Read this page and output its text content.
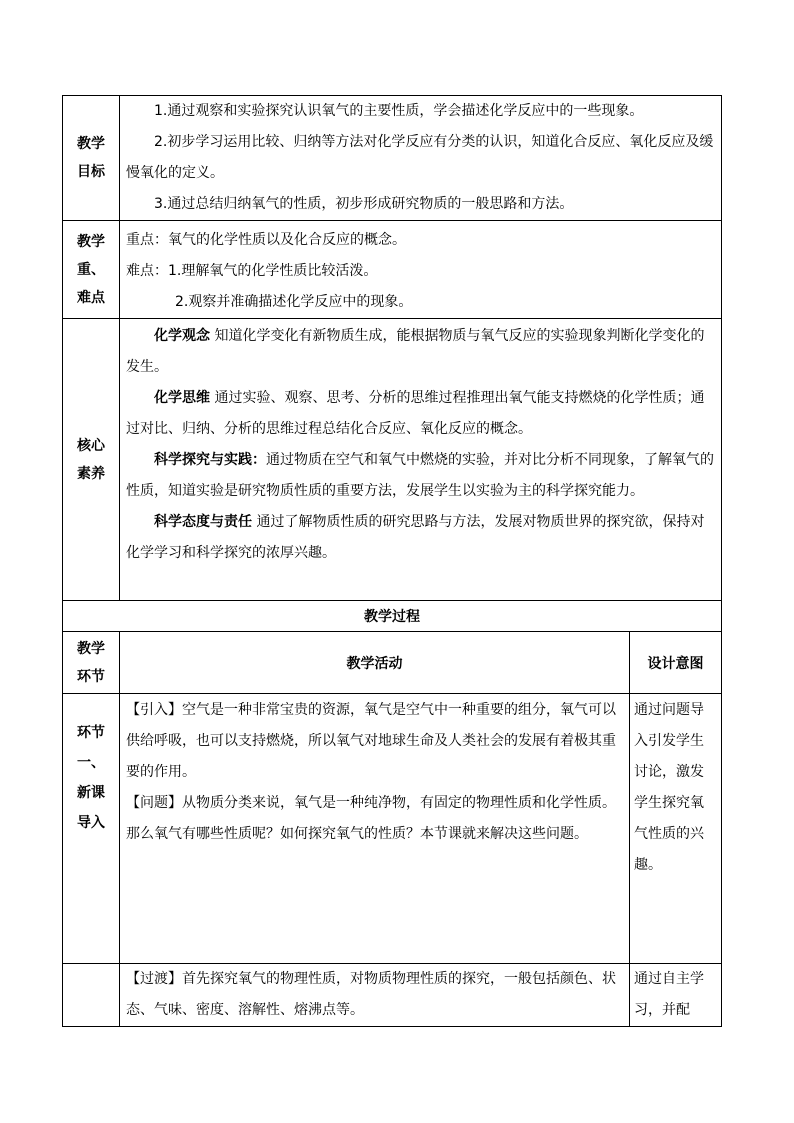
教学目标	1.通过观察和实验探究认识氧气的主要性质，学会描述化学反应中的一些现象。

2.初步学习运用比较、归纳等方法对化学反应有分类的认识，知道化合反应、氧化反应及缓慢氧化的定义。

3.通过总结归纳氧气的性质，初步形成研究物质的一般思路和方法。	

教学重、难点	重点：氧气的化学性质以及化合反应的概念。

难点：1.理解氧气的化学性质比较活泼。

2.观察并准确描述化学反应中的现象。	

核心素养	化学观念 知道化学变化有新物质生成，能根据物质与氧气反应的实验现象判断化学变化的发生。

化学思维 通过实验、观察、思考、分析的思维过程推理出氧气能支持燃烧的化学性质；通过对比、归纳、分析的思维过程总结化合反应、氧化反应的概念。

科学探究与实践：通过物质在空气和氧气中燃烧的实验，并对比分析不同现象，了解氧气的性质，知道实验是研究物质性质的重要方法，发展学生以实验为主的科学探究能力。

科学态度与责任 通过了解物质性质的研究思路与方法，发展对物质世界的探究欲，保持对化学学习和科学探究的浓厚兴趣。	

教学过程		

教学环节	教学活动	设计意图

环节一、新课导入	【引入】空气是一种非常宝贵的资源，氧气是空气中一种重要的组分，氧气可以供给呼吸，也可以支持燃烧，所以氧气对地球生命及人类社会的发展有着极其重要的作用。

【问题】从物质分类来说，氧气是一种纯净物，有固定的物理性质和化学性质。那么氧气有哪些性质呢？如何探究氧气的性质？本节课就来解决这些问题。	通过问题导入引发学生讨论，激发学生探究氧气性质的兴趣。

	【过渡】首先探究氧气的物理性质，对物质物理性质的探究，一般包括颜色、状态、气味、密度、溶解性、熔沸点等。	通过自主学习，并配
